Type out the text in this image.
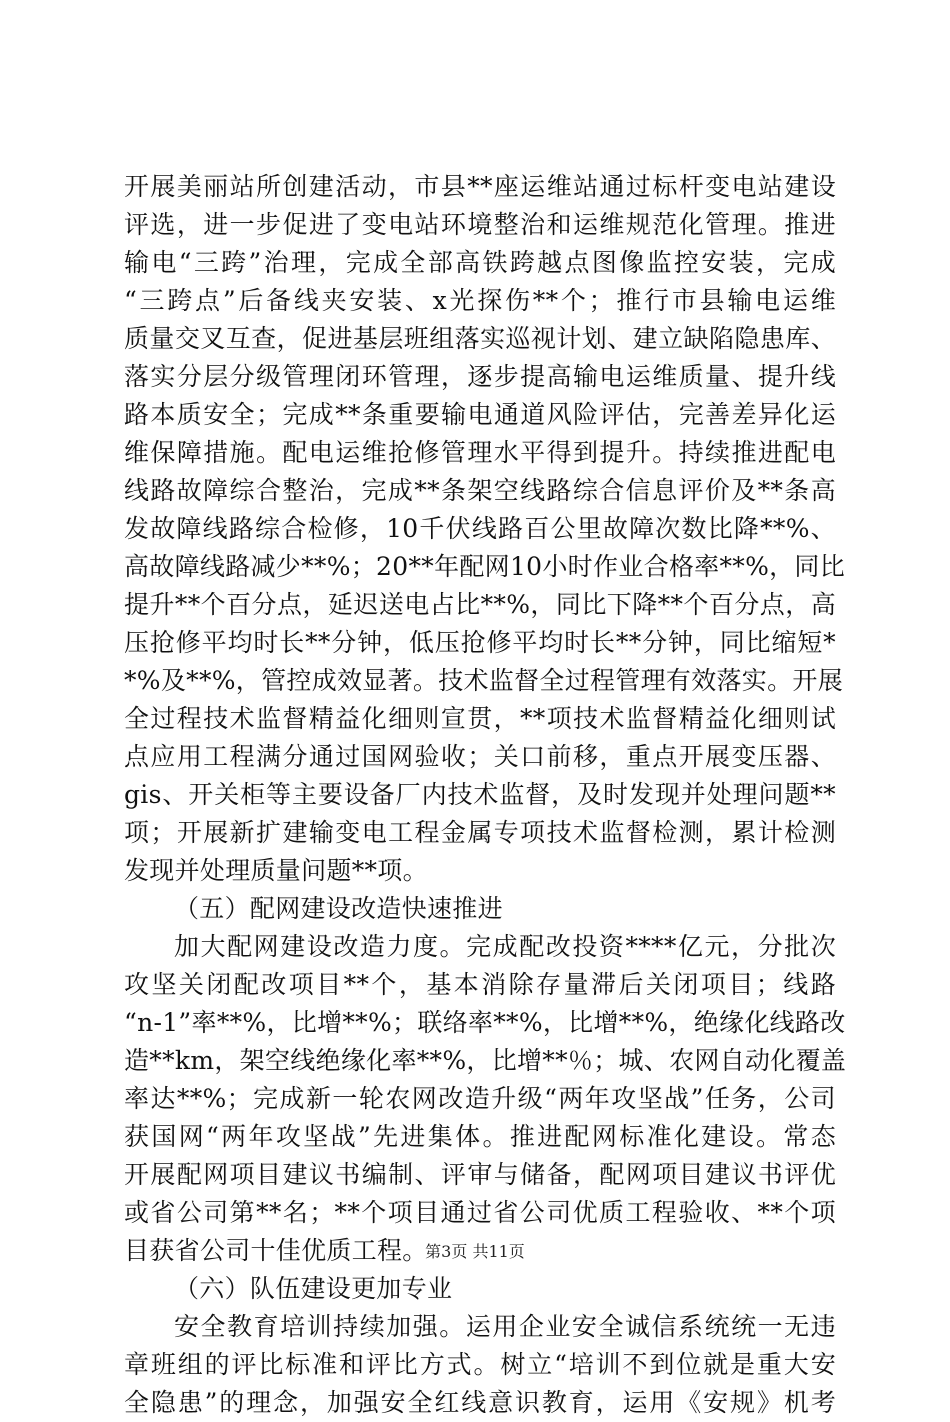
开展美丽站所创建活动，市县**座运维站通过标杆变电站建设
评选，进一步促进了变电站环境整治和运维规范化管理。推进
输电“三跨”治理，完成全部高铁跨越点图像监控安装，完成
“三跨点”后备线夹安装、x光探伤**个；推行市县输电运维
质量交叉互查，促进基层班组落实巡视计划、建立缺陷隐患库、
落实分层分级管理闭环管理，逐步提高输电运维质量、提升线
路本质安全；完成**条重要输电通道风险评估，完善差异化运
维保障措施。配电运维抢修管理水平得到提升。持续推进配电
线路故障综合整治，完成**条架空线路综合信息评价及**条高
发故障线路综合检修，10千伏线路百公里故障次数比降**%、
高故障线路减少**%；20**年配网10小时作业合格率**%，同比
提升**个百分点，延迟送电占比**%，同比下降**个百分点，高
压抢修平均时长**分钟，低压抢修平均时长**分钟，同比缩短*
*%及**%，管控成效显著。技术监督全过程管理有效落实。开展
全过程技术监督精益化细则宣贯，**项技术监督精益化细则试
点应用工程满分通过国网验收；关口前移，重点开展变压器、
gis、开关柜等主要设备厂内技术监督，及时发现并处理问题**
项；开展新扩建输变电工程金属专项技术监督检测，累计检测
发现并处理质量问题**项。
（五）配网建设改造快速推进
加大配网建设改造力度。完成配改投资****亿元，分批次
攻坚关闭配改项目**个，基本消除存量滞后关闭项目；线路
“n-1”率**%，比增**%；联络率**%，比增**%，绝缘化线路改
造**km，架空线绝缘化率**%，比增**％；城、农网自动化覆盖
率达**%；完成新一轮农网改造升级“两年攻坚战”任务，公司
获国网“两年攻坚战”先进集体。推进配网标准化建设。常态
开展配网项目建议书编制、评审与储备，配网项目建议书评优
或省公司第**名；**个项目通过省公司优质工程验收、**个项
目获省公司十佳优质工程。
（六）队伍建设更加专业
安全教育培训持续加强。运用企业安全诚信系统统一无违
章班组的评比标准和评比方式。树立“培训不到位就是重大安
全隐患”的理念，加强安全红线意识教育，运用《安规》机考
第3页 共11页
